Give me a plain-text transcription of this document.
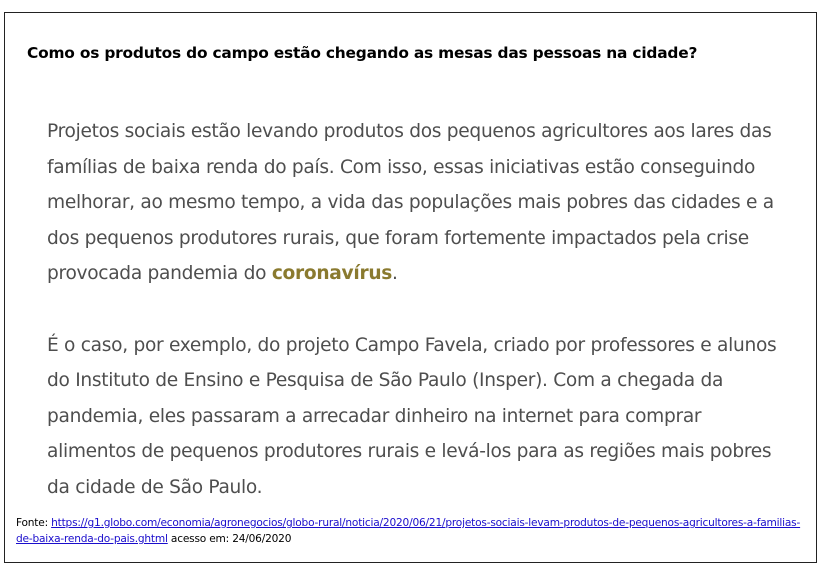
Como os produtos do campo estão chegando as mesas das pessoas na cidade?

Projetos sociais estão levando produtos dos pequenos agricultores aos lares das famílias de baixa renda do país. Com isso, essas iniciativas estão conseguindo melhorar, ao mesmo tempo, a vida das populações mais pobres das cidades e a dos pequenos produtores rurais, que foram fortemente impactados pela crise provocada pandemia do coronavírus.

É o caso, por exemplo, do projeto Campo Favela, criado por professores e alunos do Instituto de Ensino e Pesquisa de São Paulo (Insper). Com a chegada da pandemia, eles passaram a arrecadar dinheiro na internet para comprar alimentos de pequenos produtores rurais e levá-los para as regiões mais pobres da cidade de São Paulo.

Fonte: https://g1.globo.com/economia/agronegocios/globo-rural/noticia/2020/06/21/projetos-sociais-levam-produtos-de-pequenos-agricultores-a-familias-de-baixa-renda-do-pais.ghtml acesso em: 24/06/2020
